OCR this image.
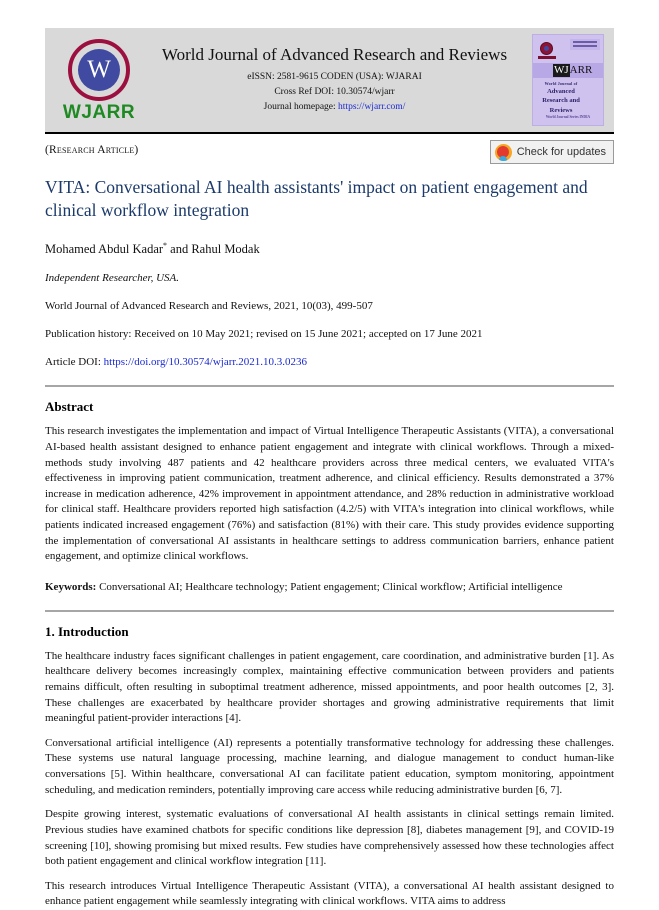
W
WJARR
World Journal of Advanced Research and Reviews
eISSN: 2581-9615 CODEN (USA): WJARAI
Cross Ref DOI: 10.30574/wjarr
Journal homepage: https://wjarr.com/
WJ ARR
World Journal of
Advanced Research and Reviews
World Journal Series INDIA
(Research Article)	Check for updates
VITA: Conversational AI health assistants' impact on patient engagement and clinical workflow integration
Mohamed Abdul Kadar* and Rahul Modak
Independent Researcher, USA.
World Journal of Advanced Research and Reviews, 2021, 10(03), 499-507
Publication history: Received on 10 May 2021; revised on 15 June 2021; accepted on 17 June 2021
Article DOI: https://doi.org/10.30574/wjarr.2021.10.3.0236
Abstract

This research investigates the implementation and impact of Virtual Intelligence Therapeutic Assistants (VITA), a conversational AI-based health assistant designed to enhance patient engagement and integrate with clinical workflows. Through a mixed-methods study involving 487 patients and 42 healthcare providers across three medical centers, we evaluated VITA's effectiveness in improving patient communication, treatment adherence, and clinical efficiency. Results demonstrated a 37% increase in medication adherence, 42% improvement in appointment attendance, and 28% reduction in administrative workload for clinical staff. Healthcare providers reported high satisfaction (4.2/5) with VITA's integration into clinical workflows, while patients indicated increased engagement (76%) and satisfaction (81%) with their care. This study provides evidence supporting the implementation of conversational AI assistants in healthcare settings to address communication barriers, enhance patient engagement, and optimize clinical workflows.

Keywords: Conversational AI; Healthcare technology; Patient engagement; Clinical workflow; Artificial intelligence
1. Introduction

The healthcare industry faces significant challenges in patient engagement, care coordination, and administrative burden [1]. As healthcare delivery becomes increasingly complex, maintaining effective communication between providers and patients remains difficult, often resulting in suboptimal treatment adherence, missed appointments, and poor health outcomes [2, 3]. These challenges are exacerbated by healthcare provider shortages and growing administrative requirements that limit meaningful patient-provider interactions [4].

Conversational artificial intelligence (AI) represents a potentially transformative technology for addressing these challenges. These systems use natural language processing, machine learning, and dialogue management to conduct human-like conversations [5]. Within healthcare, conversational AI can facilitate patient education, symptom monitoring, appointment scheduling, and medication reminders, potentially improving care access while reducing administrative burden [6, 7].

Despite growing interest, systematic evaluations of conversational AI health assistants in clinical settings remain limited. Previous studies have examined chatbots for specific conditions like depression [8], diabetes management [9], and COVID-19 screening [10], showing promising but mixed results. Few studies have comprehensively assessed how these technologies affect both patient engagement and clinical workflow integration [11].

This research introduces Virtual Intelligence Therapeutic Assistant (VITA), a conversational AI health assistant designed to enhance patient engagement while seamlessly integrating with clinical workflows. VITA aims to address
